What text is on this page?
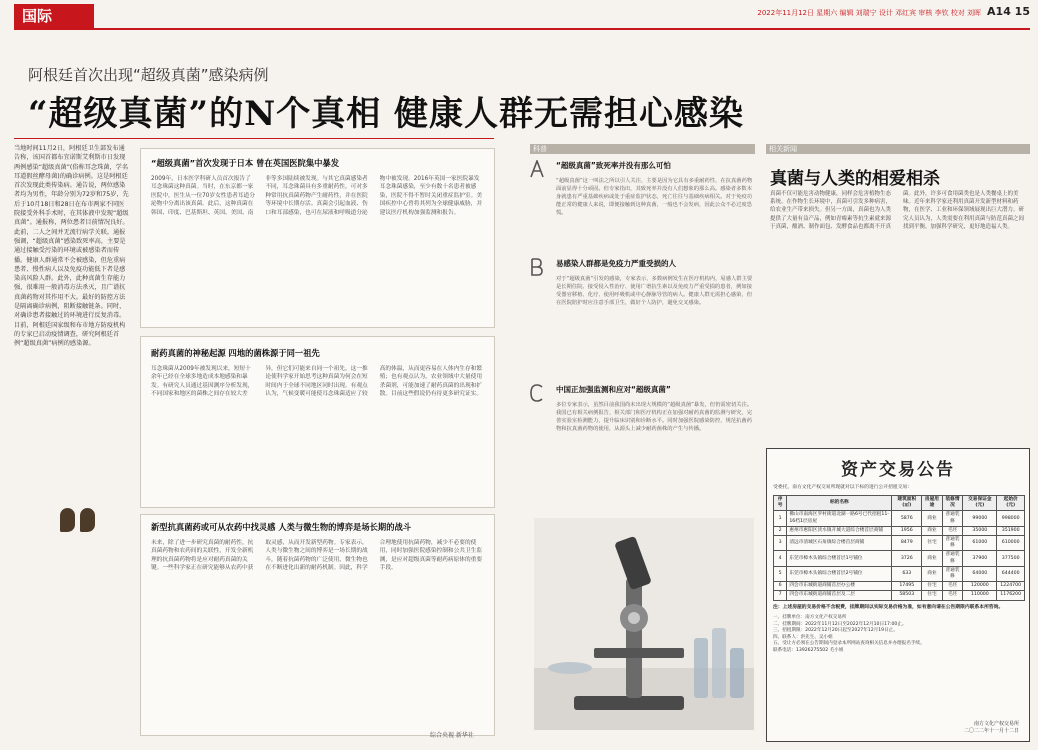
国际	2022年11月12日 星期六 编辑 刘瑞宁 设计 邓红宾 审核 李钦 校对 刘晖 A14 15
阿根廷首次出现“超级真菌”感染病例
“超级真菌”的N个真相 健康人群无需担心感染
当地时间11月2日，阿根廷卫生部发布通告称，该国首都布宜诺斯艾利斯市日发现两例感染“超级真菌”(俗称耳念珠菌，学名耳道假丝酵母菌)的确诊病例。这是阿根廷首次发现此类传染病。通告说，两位感染者均为男性，年龄分别为72岁和75岁，先后于10月18日和28日在布市两家不同医院接受外科手术时，在其体液中发现“超级真菌”。通报称，两位患者目前情况良好。此前，二人之间并无流行病学关联。通报强调，“超级真菌”感染致死率高，主要是通过接触受污染的环境或被感染者而传播。健康人群通常不会被感染，但危重病患者、慢性病人以及免疫功能低下者是感染高风险人群。此外，此种真菌生存能力强，很难用一般消毒方法杀灭，且广谱抗真菌药物对其作用不大。最好的防控方法是隔离确诊病例，阻断接触链条。同时，对确诊患者接触过的环境进行反复消毒。目前，阿根廷国家级和布市地方防疫机构的专家已启动疫情调查，研究阿根廷首例“超级真菌”病例的感染源。
“超级真菌”首次发现于日本 曾在英国医院集中暴发
2009年，日本医学科研人员首次报告了耳念珠菌这种真菌。当时，在东京都一家医院中，医生从一位70岁女性患者耳道分泌物中分离出该真菌。此后，这种真菌在韩国、印度、巴基斯坦、英国、美国、南非等多国陆续被发现。与其它真菌感染者不同，耳念珠菌具有多重耐药性，可对多种常用抗真菌药物产生耐药性，并在医院等环境中长期存活。真菌会引起血液、伤口和耳部感染，也可在尿液和呼吸道分泌物中被发现。2016年英国一家医院暴发耳念珠菌感染，至少有数十名患者被感染，医院不得不暂时关闭重症监护室。美国疾控中心曾将其列为全球健康威胁，并建议医疗机构加强监测和报告。
耐药真菌的神秘起源 四地的菌株源于同一祖先
耳念珠菌从2009年被发现以来，短短十余年已经在全球多地造成本地感染和暴发。有研究人员通过基因测序分析发现，不同国家和地区的菌株之间存在较大差异，但它们可能来自同一个祖先。这一推论使科学家开始思考这种真菌为何会在短时间内于全球不同地区同时出现。有观点认为，气候变暖可能使耳念珠菌适应了较高的体温，从而更容易在人体内生存和繁殖；也有观点认为，农业领域中大量使用杀菌剂，可能加速了耐药真菌的出现和扩散。目前这些假说仍有待更多研究证实。
新型抗真菌药或可从农药中找灵感 人类与微生物的博弈是场长期的战斗
未来，除了进一步研究真菌的耐药性，抗真菌药物和农药间的关联性，开发全新机理的抗真菌药物将是应对耐药真菌的关键。一些科学家正在研究能够从农药中获取灵感，从而开发新型药物。专家表示，人类与微生物之间的博弈是一场长期的战斗，随着抗菌药物的广泛使用，微生物也在不断进化出新的耐药机制。因此，科学合理地使用抗菌药物，减少不必要的使用，同时加强医院感染控制和公共卫生监测，是应对超级真菌等耐药病原体的重要手段。
综合央视 新华社
科普	相关新闻
“超级真菌”致死率并没有那么可怕
“超级真菌”这一叫法之所以引人关注，主要是因为它具有多重耐药性，在抗真菌药物面前显得十分顽固。但专家指出，其致死率并没有人们想象的那么高。感染者多数本身就患有严重基础疾病或处于重症监护状态，死亡往往与基础疾病相关。对于免疫功能正常的健康人来说，即便接触到这种真菌，一般也不会发病，因此公众不必过度恐慌。
易感染人群都是免疫力严重受损的人
对于“超级真菌”引发的感染，专家表示，多数病例发生在医疗机构内，易感人群主要是长期住院、接受侵入性治疗、使用广谱抗生素以及免疫力严重受损的患者，例如接受器官移植、化疗、使用呼吸机或中心静脉导管的病人。健康人群无需担心感染，但在医院陪护时应注意手部卫生，做好个人防护，避免交叉感染。
中国正加强监测和应对“超级真菌”
多位专家表示，虽然目前我国尚未出现大规模的“超级真菌”暴发，但仍需密切关注。我国已有相关病例报告，相关部门和医疗机构正在加强对耐药真菌的监测与研究，完善实验室检测能力，提升临床识别和诊断水平。同时加强医院感染防控，规范抗菌药物和抗真菌药物的使用，从源头上减少耐药菌株的产生与传播。
真菌与人类的相爱相杀
真菌不仅可能危害动物健康，同样会危害植物生态系统。在作物生长环境中，真菌可引发多种病害，给农业生产带来损失。但另一方面，真菌也为人类提供了大量有益产品，例如青霉素等抗生素就来源于真菌，酿酒、制作面包、发酵食品也都离不开真菌。此外，许多可食用菌类也是人类餐桌上的美味。近年来科学家还利用真菌开发新型材料和药物，在医学、工业和环保领域展现出巨大潜力。研究人员认为，人类需要在利用真菌与防范真菌之间找到平衡，加强科学研究，更好地造福人类。
资产交易公告
受委托，南方文化产权交易所现就对以下标的进行公开招租交易：
序号	标的名称	建筑面积(㎡)	房屋用途	装修情况	交易保证金(元)	起始价(元)
1	佛山市南海区罗村街道北湖一路6号已代招租11-16档1层房屋	5876	商业	普通装修	99000	998000
2	惠州市惠阳区淡水镇开城大道综合楼首层商铺	1956	商业	毛坯	35000	351900
3	清远市清城区石角镇综合楼首层商铺	8479	住宅	普通装修	61000	610000
4	东莞市樟木头镇综合楼首层1号铺位	3726	商业	普通装修	37900	377500
5	东莞市樟木头镇综合楼首层2号铺位	633	商业	普通装修	64000	644400
6	四会市东城街道商铺首层办公楼	17495	住宅	毛坯	120000	1224700
7	四会市东城街道商铺首层及二层	58503	住宅	毛坯	110000	1176200
注：上述房屋的交易价格不含税费，挂牌期间以实际交易价格为准，如有意向请在公告期限内联系本所咨询。
一、挂牌单位：南方文化产权交易所
二、挂牌期间：2022年11月12日至2022年12月10日17:00止。
三、招租期限：2022年12月20日起至2027年12月19日止。
四、联系人：洪先生、吴小姐
五、受让方必须在公告期间内登录本所网站查询相关信息并办理报名手续。
联系电话：13926275502 毛小姐
南方文化产权交易所
二〇二二年十一月十二日
